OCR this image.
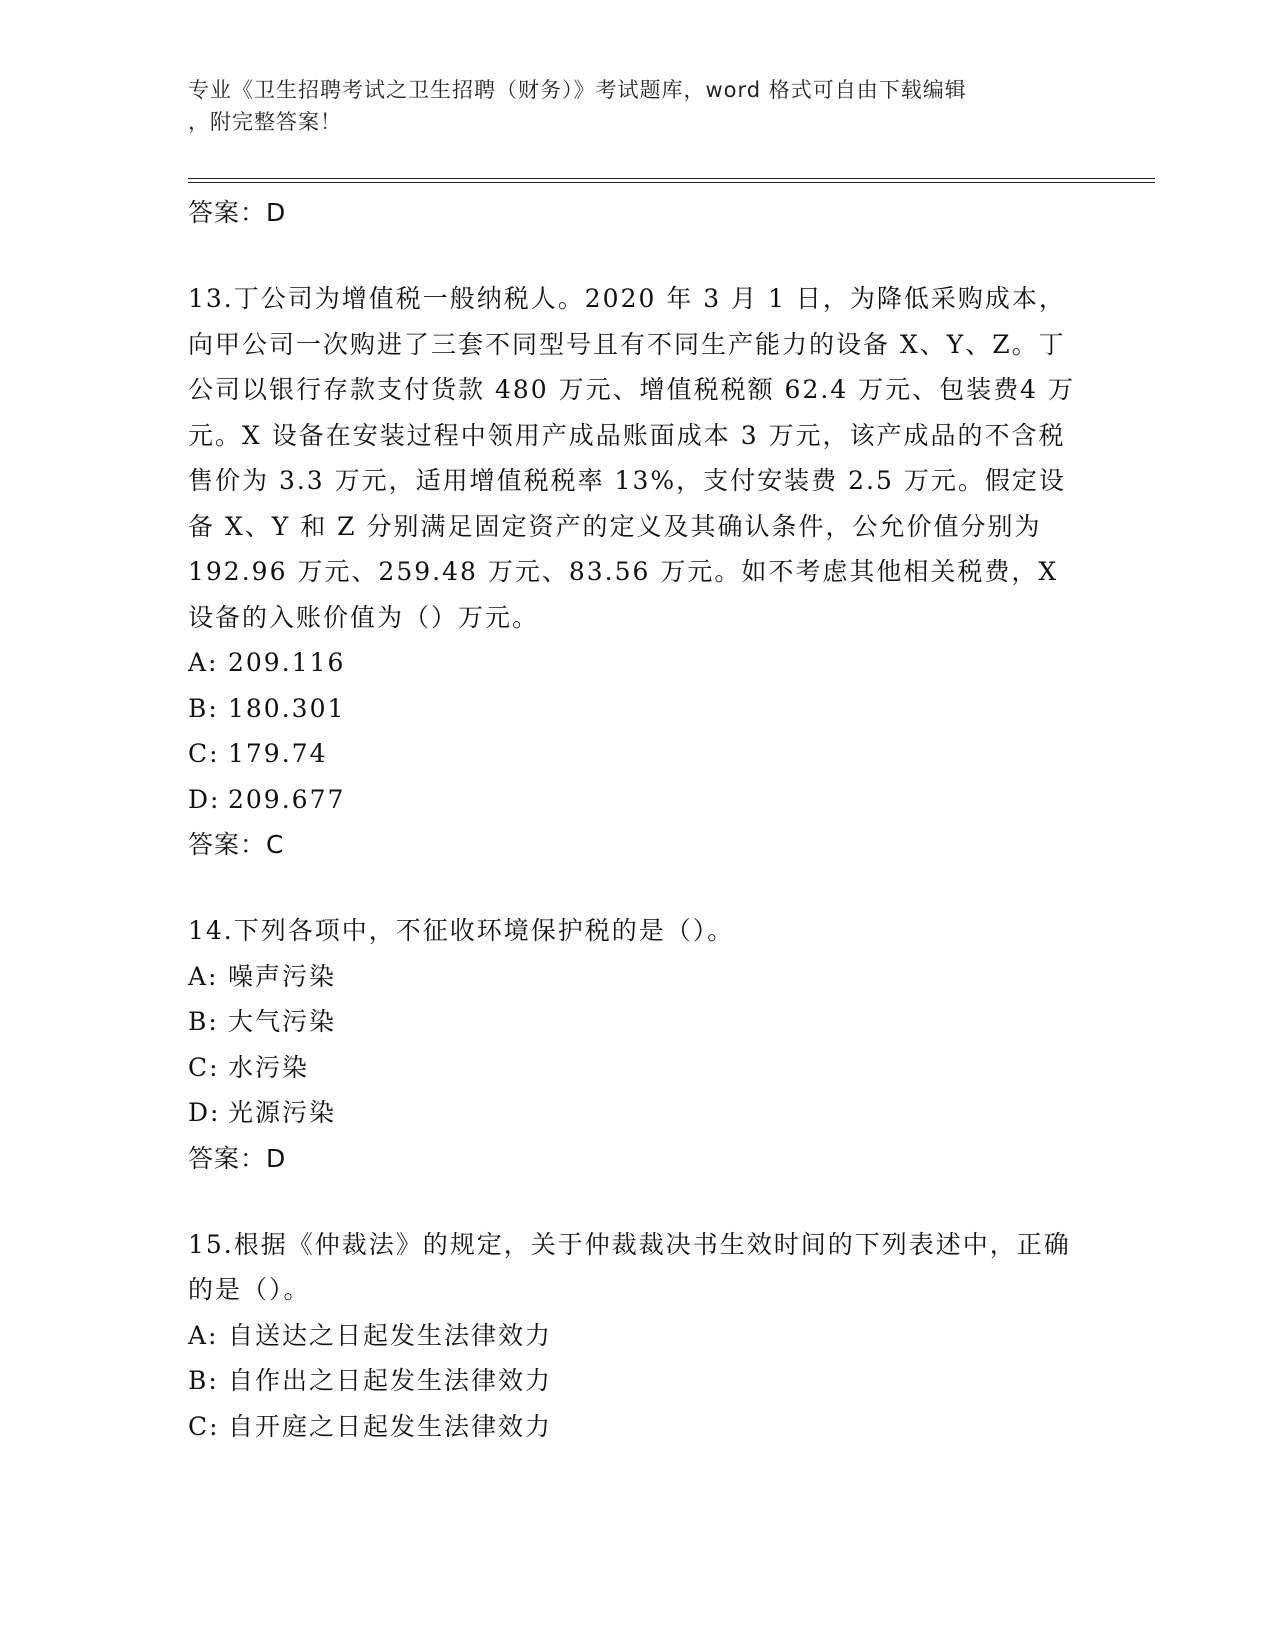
专业《卫生招聘考试之卫生招聘（财务）》考试题库，word 格式可自由下载编辑
，附完整答案！
答案：D

13.丁公司为增值税一般纳税人。2020 年 3 月 1 日，为降低采购成本，向甲公司一次购进了三套不同型号且有不同生产能力的设备 X、Y、Z。丁公司以银行存款支付货款 480 万元、增值税税额 62.4 万元、包装费4 万元。X 设备在安装过程中领用产成品账面成本 3 万元，该产成品的不含税售价为 3.3 万元，适用增值税税率 13%，支付安装费 2.5 万元。假定设备 X、Y 和 Z 分别满足固定资产的定义及其确认条件，公允价值分别为 192.96 万元、259.48 万元、83.56 万元。如不考虑其他相关税费，X 设备的入账价值为（）万元。

A: 209.116
B: 180.301
C: 179.74
D: 209.677
答案：C

14.下列各项中，不征收环境保护税的是（）。

A: 噪声污染
B: 大气污染
C: 水污染
D: 光源污染
答案：D

15.根据《仲裁法》的规定，关于仲裁裁决书生效时间的下列表述中，正确的是（）。

A: 自送达之日起发生法律效力
B: 自作出之日起发生法律效力
C: 自开庭之日起发生法律效力
